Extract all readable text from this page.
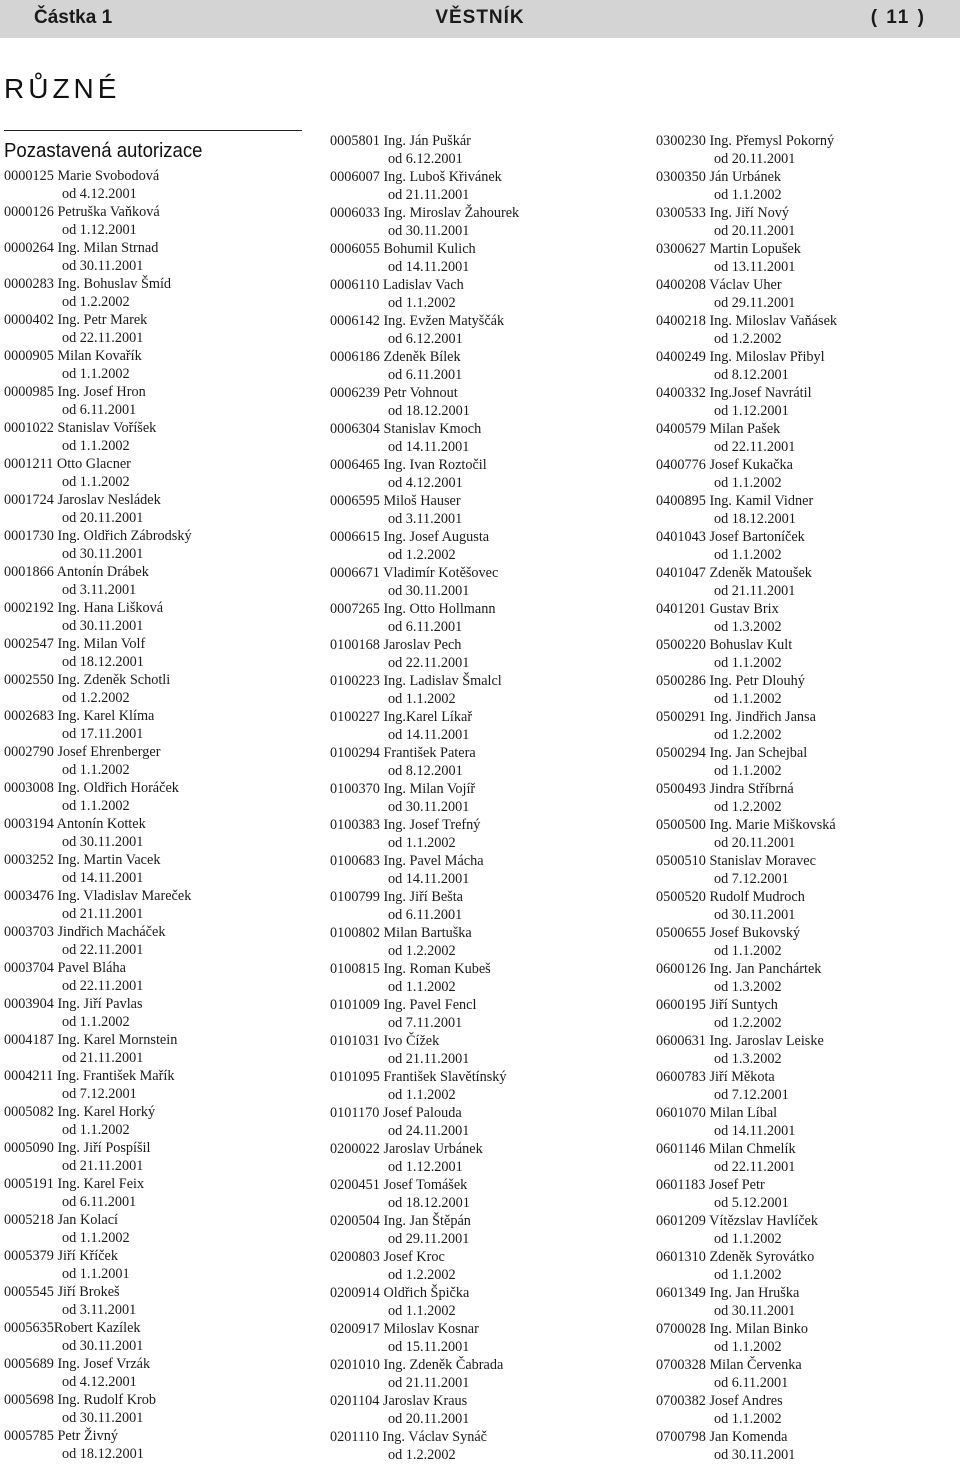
Částka 1	VĚSTNÍK	( 11 )
RŮZNÉ
Pozastavená autorizace
0000125 Marie Svobodová
od 4.12.2001
0000126 Petruška Vaňková
od 1.12.2001
0000264 Ing. Milan Strnad
od 30.11.2001
0000283 Ing. Bohuslav Šmíd
od 1.2.2002
0000402 Ing. Petr Marek
od 22.11.2001
0000905 Milan Kovařík
od 1.1.2002
0000985 Ing. Josef Hron
od 6.11.2001
0001022 Stanislav Voříšek
od 1.1.2002
0001211 Otto Glacner
od 1.1.2002
0001724 Jaroslav Nesládek
od 20.11.2001
0001730 Ing. Oldřich Zábrodský
od 30.11.2001
0001866 Antonín Drábek
od 3.11.2001
0002192 Ing. Hana Lišková
od 30.11.2001
0002547 Ing. Milan Volf
od 18.12.2001
0002550 Ing. Zdeněk Schotli
od 1.2.2002
0002683 Ing. Karel Klíma
od 17.11.2001
0002790 Josef Ehrenberger
od 1.1.2002
0003008 Ing. Oldřich Horáček
od 1.1.2002
0003194 Antonín Kottek
od 30.11.2001
0003252 Ing. Martin Vacek
od 14.11.2001
0003476 Ing. Vladislav Mareček
od 21.11.2001
0003703 Jindřich Macháček
od 22.11.2001
0003704 Pavel Bláha
od 22.11.2001
0003904 Ing. Jiří Pavlas
od 1.1.2002
0004187 Ing. Karel Mornstein
od 21.11.2001
0004211 Ing. František Mařík
od 7.12.2001
0005082 Ing. Karel Horký
od 1.1.2002
0005090 Ing. Jiří Pospíšil
od 21.11.2001
0005191 Ing. Karel Feix
od 6.11.2001
0005218 Jan Kolací
od 1.1.2002
0005379 Jiří Kříček
od 1.1.2001
0005545 Jiří Brokeš
od 3.11.2001
0005635Robert Kazílek
od 30.11.2001
0005689 Ing. Josef Vrzák
od 4.12.2001
0005698 Ing. Rudolf Krob
od 30.11.2001
0005785 Petr Živný
od 18.12.2001
0005801 Ing. Ján Puškár
od 6.12.2001
0006007 Ing. Luboš Křivánek
od 21.11.2001
0006033 Ing. Miroslav Žahourek
od 30.11.2001
0006055 Bohumil Kulich
od 14.11.2001
0006110 Ladislav Vach
od 1.1.2002
0006142 Ing. Evžen Matyščák
od 6.12.2001
0006186 Zdeněk Bílek
od 6.11.2001
0006239 Petr Vohnout
od 18.12.2001
0006304 Stanislav Kmoch
od 14.11.2001
0006465 Ing. Ivan Roztočil
od 4.12.2001
0006595 Miloš Hauser
od 3.11.2001
0006615 Ing. Josef Augusta
od 1.2.2002
0006671 Vladimír Kotěšovec
od 30.11.2001
0007265 Ing. Otto Hollmann
od 6.11.2001
0100168 Jaroslav Pech
od 22.11.2001
0100223 Ing. Ladislav Šmalcl
od 1.1.2002
0100227 Ing.Karel Líkař
od 14.11.2001
0100294 František Patera
od 8.12.2001
0100370 Ing. Milan Vojíř
od 30.11.2001
0100383 Ing. Josef Trefný
od 1.1.2002
0100683 Ing. Pavel Mácha
od 14.11.2001
0100799 Ing. Jiří Bešta
od 6.11.2001
0100802 Milan Bartuška
od 1.2.2002
0100815 Ing. Roman Kubeš
od 1.1.2002
0101009 Ing. Pavel Fencl
od 7.11.2001
0101031 Ivo Čížek
od 21.11.2001
0101095 František Slavětínský
od 1.1.2002
0101170 Josef Palouda
od 24.11.2001
0200022 Jaroslav Urbánek
od 1.12.2001
0200451 Josef Tomášek
od 18.12.2001
0200504 Ing. Jan Štěpán
od 29.11.2001
0200803 Josef Kroc
od 1.2.2002
0200914 Oldřich Špička
od 1.1.2002
0200917 Miloslav Kosnar
od 15.11.2001
0201010 Ing. Zdeněk Čabrada
od 21.11.2001
0201104 Jaroslav Kraus
od 20.11.2001
0201110 Ing. Václav Synáč
od 1.2.2002
0300230 Ing. Přemysl Pokorný
od 20.11.2001
0300350 Ján Urbánek
od 1.1.2002
0300533 Ing. Jiří Nový
od 20.11.2001
0300627 Martin Lopušek
od 13.11.2001
0400208 Václav Uher
od 29.11.2001
0400218 Ing. Miloslav Vaňásek
od 1.2.2002
0400249 Ing. Miloslav Přibyl
od 8.12.2001
0400332 Ing.Josef Navrátil
od 1.12.2001
0400579 Milan Pašek
od 22.11.2001
0400776 Josef Kukačka
od 1.1.2002
0400895 Ing. Kamil Vidner
od 18.12.2001
0401043 Josef Bartoníček
od 1.1.2002
0401047 Zdeněk Matoušek
od 21.11.2001
0401201 Gustav Brix
od 1.3.2002
0500220 Bohuslav Kult
od 1.1.2002
0500286 Ing. Petr Dlouhý
od 1.1.2002
0500291 Ing. Jindřich Jansa
od 1.2.2002
0500294 Ing. Jan Schejbal
od 1.1.2002
0500493 Jindra Stříbrná
od 1.2.2002
0500500 Ing. Marie Miškovská
od 20.11.2001
0500510 Stanislav Moravec
od 7.12.2001
0500520 Rudolf Mudroch
od 30.11.2001
0500655 Josef Bukovský
od 1.1.2002
0600126 Ing. Jan Panchártek
od 1.3.2002
0600195 Jiří Suntych
od 1.2.2002
0600631 Ing. Jaroslav Leiske
od 1.3.2002
0600783 Jiří Měkota
od 7.12.2001
0601070 Milan Líbal
od 14.11.2001
0601146 Milan Chmelík
od 22.11.2001
0601183 Josef Petr
od 5.12.2001
0601209 Vítězslav Havlíček
od 1.1.2002
0601310 Zdeněk Syrovátko
od 1.1.2002
0601349 Ing. Jan Hruška
od 30.11.2001
0700028 Ing. Milan Binko
od 1.1.2002
0700328 Milan Červenka
od 6.11.2001
0700382 Josef Andres
od 1.1.2002
0700798 Jan Komenda
od 30.11.2001
